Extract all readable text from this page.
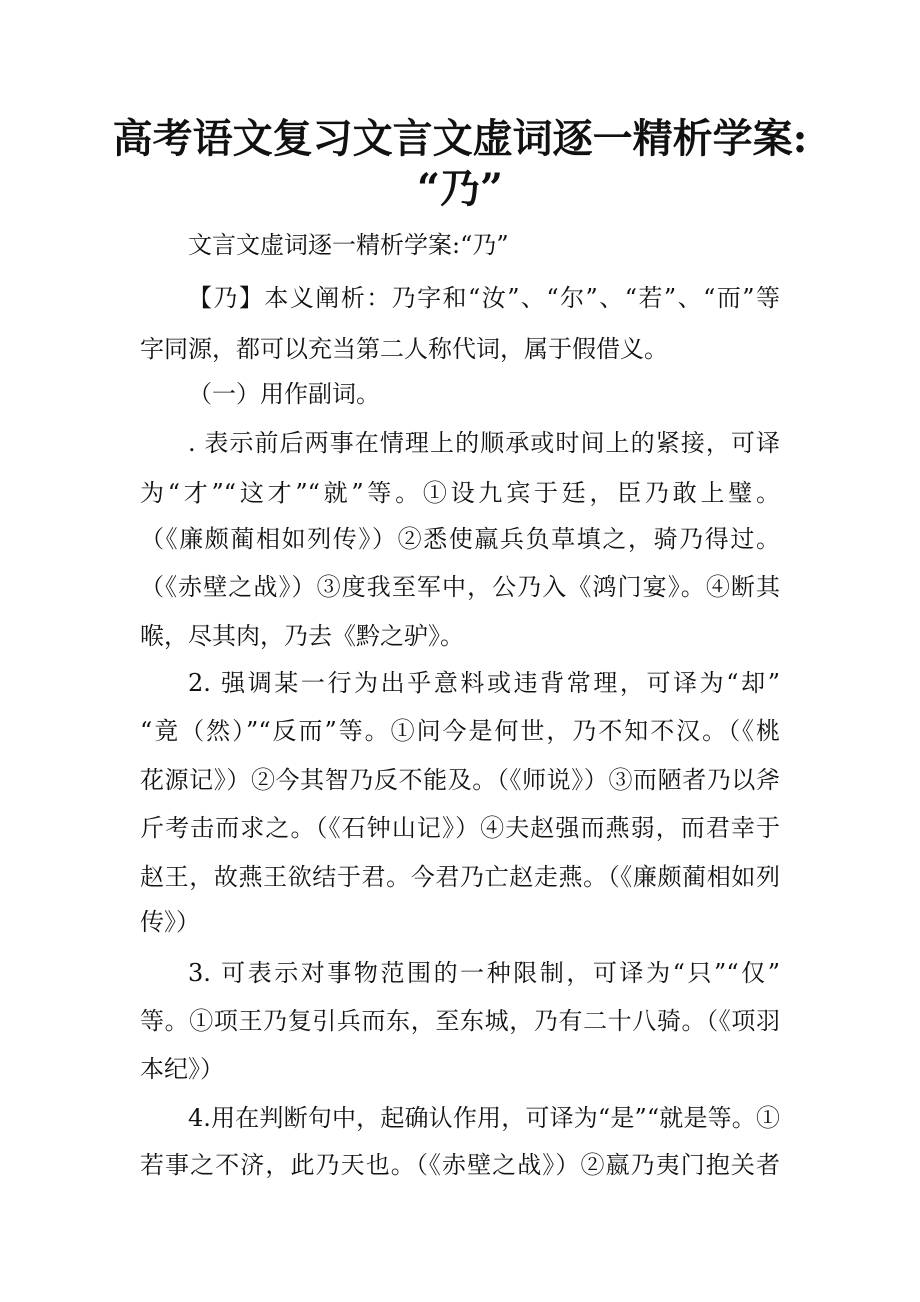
高考语文复习文言文虚词逐一精析学案:
“乃”
文言文虚词逐一精析学案:“乃”
【乃】本义阐析：乃字和“汝”、“尔”、“若”、“而”等
字同源，都可以充当第二人称代词，属于假借义。
（一）用作副词。
. 表示前后两事在情理上的顺承或时间上的紧接，可译
为“才”“这才”“就”等。①设九宾于廷，臣乃敢上璧。
（《廉颇蔺相如列传》）②悉使羸兵负草填之，骑乃得过。
（《赤壁之战》）③度我至军中，公乃入《鸿门宴》。④断其
喉，尽其肉，乃去《黔之驴》。
2. 强调某一行为出乎意料或违背常理，可译为“却”
“竟（然）”“反而”等。①问今是何世，乃不知不汉。（《桃
花源记》）②今其智乃反不能及。（《师说》）③而陋者乃以斧
斤考击而求之。（《石钟山记》）④夫赵强而燕弱，而君幸于
赵王，故燕王欲结于君。今君乃亡赵走燕。（《廉颇蔺相如列
传》）
3. 可表示对事物范围的一种限制，可译为“只”“仅”
等。①项王乃复引兵而东，至东城，乃有二十八骑。（《项羽
本纪》）
4.用在判断句中，起确认作用，可译为“是”“就是等。①
若事之不济，此乃天也。（《赤壁之战》）②嬴乃夷门抱关者
